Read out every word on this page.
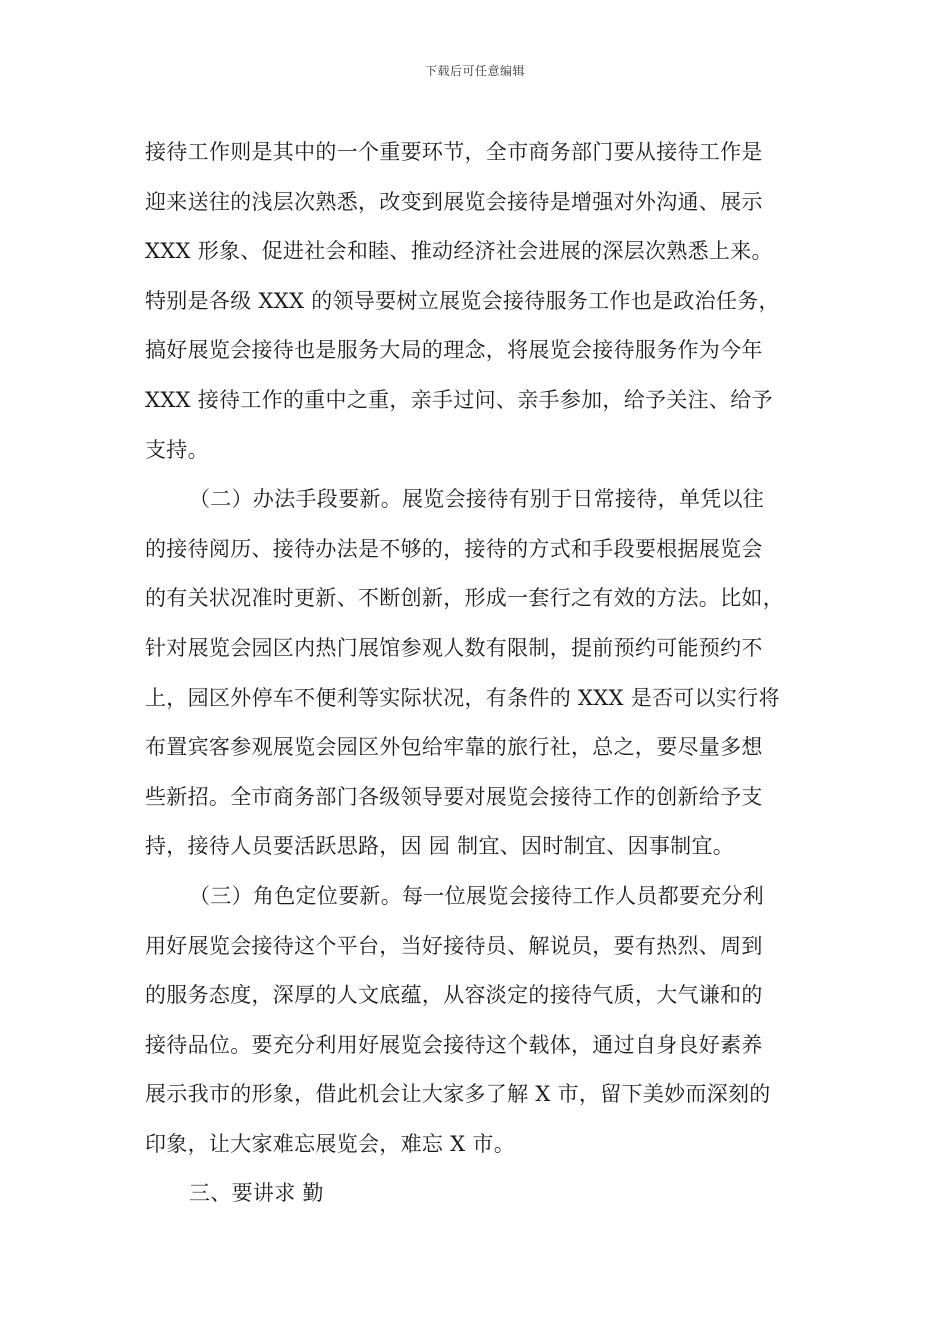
下载后可任意编辑
接待工作则是其中的一个重要环节，全市商务部门要从接待工作是
迎来送往的浅层次熟悉，改变到展览会接待是增强对外沟通、展示
XXX 形象、促进社会和睦、推动经济社会进展的深层次熟悉上来。
特别是各级 XXX 的领导要树立展览会接待服务工作也是政治任务，
搞好展览会接待也是服务大局的理念，将展览会接待服务作为今年
XXX 接待工作的重中之重，亲手过问、亲手参加，给予关注、给予
支持。
（二）办法手段要新。展览会接待有别于日常接待，单凭以往
的接待阅历、接待办法是不够的，接待的方式和手段要根据展览会
的有关状况准时更新、不断创新，形成一套行之有效的方法。比如，
针对展览会园区内热门展馆参观人数有限制，提前预约可能预约不
上，园区外停车不便利等实际状况，有条件的 XXX 是否可以实行将
布置宾客参观展览会园区外包给牢靠的旅行社，总之，要尽量多想
些新招。全市商务部门各级领导要对展览会接待工作的创新给予支
持，接待人员要活跃思路，因 园 制宜、因时制宜、因事制宜。
（三）角色定位要新。每一位展览会接待工作人员都要充分利
用好展览会接待这个平台，当好接待员、解说员，要有热烈、周到
的服务态度，深厚的人文底蕴，从容淡定的接待气质，大气谦和的
接待品位。要充分利用好展览会接待这个载体，通过自身良好素养
展示我市的形象，借此机会让大家多了解 X 市，留下美妙而深刻的
印象，让大家难忘展览会，难忘 X 市。
三、要讲求 勤
